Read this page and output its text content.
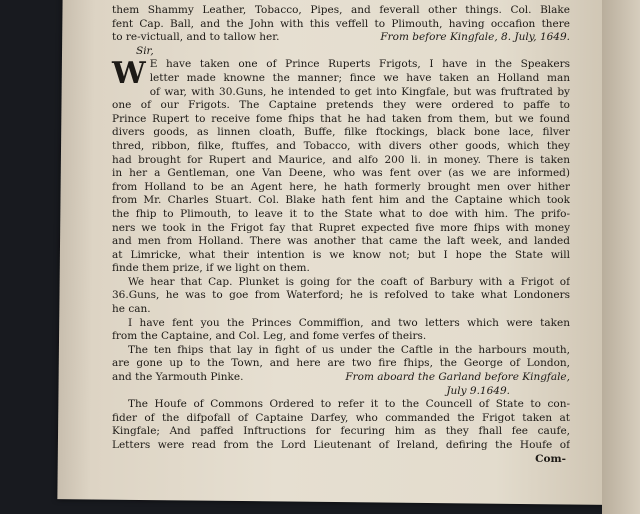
them Shammy Leather, Tobacco, Pipes, and feverall other things. Col. Blake
fent Cap. Ball, and the John with this veffell to Plimouth, having occafion there
to re-victuall, and to tallow her.	From before Kingfale, 8. July, 1649.
Sir,
W E have taken one of Prince Ruperts Frigots, I have in the Speakers
letter made knowne the manner; fince we have taken an Holland man
of war, with 30.Guns, he intended to get into Kingfale, but was fruftrated by
one of our Frigots. The Captaine pretends they were ordered to paffe to
Prince Rupert to receive fome fhips that he had taken from them, but we found
divers goods, as linnen cloath, Buffe, filke ftockings, black bone lace, filver
thred, ribbon, filke, ftuffes, and Tobacco, with divers other goods, which they
had brought for Rupert and Maurice, and alfo 200 li. in money. There is taken
in her a Gentleman, one Van Deene, who was fent over (as we are informed)
from Holland to be an Agent here, he hath formerly brought men over hither
from Mr. Charles Stuart. Col. Blake hath fent him and the Captaine which took
the fhip to Plimouth, to leave it to the State what to doe with him. The prifo-
ners we took in the Frigot fay that Rupret expected five more fhips with money
and men from Holland. There was another that came the laft week, and landed
at Limricke, what their intention is we know not; but I hope the State will
finde them prize, if we light on them.
We hear that Cap. Plunket is going for the coaft of Barbury with a Frigot of
36.Guns, he was to goe from Waterford; he is refolved to take what Londoners
he can.
I have fent you the Princes Commiffion, and two letters which were taken
from the Captaine, and Col. Leg, and fome verfes of theirs.
The ten fhips that lay in fight of us under the Caftle in the harbours mouth,
are gone up to the Town, and here are two fire fhips, the George of London,
and the Yarmouth Pinke.	From aboard the Garland before Kingfale,
July 9.1649.
The Houfe of Commons Ordered to refer it to the Councell of State to con-
fider of the difpofall of Captaine Darfey, who commanded the Frigot taken at
Kingfale; And paffed Inftructions for fecuring him as they fhall fee caufe,
Letters were read from the Lord Lieutenant of Ireland, defiring the Houfe of
Com-
